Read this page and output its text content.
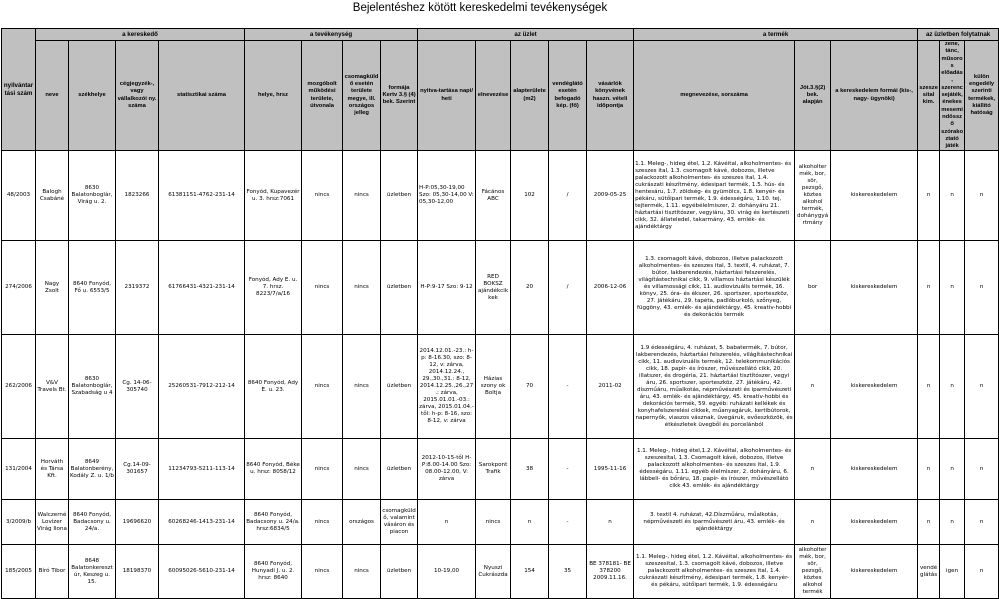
Bejelentéshez kötött kereskedelmi tevékenységek
nyilvántartási szám	a kereskedő				a tevékenység				az üzlet					a termék			az üzletben folytatnak		
	neve	székhelye	cégjegyzék-, vagy vállalkozói ny. száma	statisztikai száma	helye, hrsz	mozgóbolt működési területe, útvonala	csomagküldő esetén területe megye, ill. országos jelleg	formája Kertv 3.§ (4) bek. Szerint	nyitva-tartása napi/ heti	elnevezése	alapterülete (m2)	vendéglátó esetén befogadó kép. (fő)	vásárlók könyvének haszn. vételi időpontja	megnevezése, sorszáma	Jöt.3.§(2) bek. alapján	a kereskedelem formái (kis-, nagy- ügynöki)	szeszesital kim.	zene, tánc, műsoros előadás, szerencsejáték, énekes mesemindössző szórakoztató játék	külön engedély szerinti termékek, kiállító hatóság
48/2003	Balogh Csabáné	8630 Balatonboglár, Virág u. 2.	1823266	61381151-4762-231-14	Fonyód, Kupavezér u. 3. hrsz:7061	nincs	nincs	üzletben	H-P:05,30-19,00 Szo: 05,30-14,00 V: 05,30-12,00	Fácános ABC	102	/	2009-05-25	1.1. Meleg-, hideg étel, 1.2. Kávéital, alkoholmentes- és szeszes ital, 1.3. csomagolt kávé, dobozos, illetve palackozott alkoholmentes- és szeszes ital, 1.4. cukrászati készítmény, édesipari termék, 1.5. hús- és hentesáru, 1.7. zöldség- és gyümölcs, 1.8. kenyér- és pékáru, sütőipari termék, 1.9. édességáru, 1.10. tej, tejtermék, 1.11. egyébélelmiszer, 2. dohányáru 21. háztartási tisztítószer, vegyiáru, 30. virág és kertészeti cikk, 32. állateledel, takarmány, 43. emlék- és ajándéktárgy	alkoholtermék, bor, sör, pezsgő, köztes alkohol termék, dohánygyártmány	kiskereskedelem	n	n	n
274/2006	Nagy Zsolt	8640 Fonyód, Fő u. 6553/5	2319372	61766431-4321-231-14	Fonyód, Ady E. u. 7. hrsz. 8223/7/a/16	nincs	nincs	üzletben	H-P:9-17 Szo: 9-12	RED BOKSZ ajándékcikkek	20	/	2006-12-06	1.3. csomagolt kávé, dobozos, illetve palackozott alkoholmentes- és szeszes ital, 3. textil, 4. ruházat, 7. bútor, lakberendezés, háztartási felszerelés, világítástechnikai cikk, 9. villamos háztartási készülék és villamossági cikk, 11. audiovizuális termék, 16. könyv, 25. óra- és ékszer, 26. sportszer, sporteszköz, 27. játékáru, 29. tapéta, padlóburkoló, szőnyeg, függöny, 43. emlék- és ajándéktárgy, 45. kreatív-hobbi és dekorációs termék	bor	kiskereskedelem	n	n	n
262/2006	V&V Travels Bt.	8630 Balatonboglár, Szabadság u 4	Cg. 14-06-305740	25260531-7912-212-14	8640 Fonyód, Ady E. u. 23.	nincs	nincs	üzletben	2014.12.01.-23.: h-p: 8-16.30, szo: 8-12, v: zárva, 2014.12.24., 29.,30.,31.: 8-12, 2014.12.25.,26.,27.: zárva, 2015.01.01.-03.: zárva, 2015.01.04.-től: h-p: 8-16, szo: 8-12, v: zárva	Házias szony ok Boltja	70	-	2011-02	1.9 édességáru, 4. ruházat, 5. babatermék, 7. bútor, lakberendezés, háztartási felszerelés, világítástechnikai cikk, 11. audiovizuális termék, 12. telekommunikációs cikk, 18. papír- és írószer, művészellátó cikk, 20. illatszer, és drogéria, 21. háztartási tisztítószer, vegyi áru, 26. sportszer, sporteszköz, 27. játékáru, 42. díszműáru, műalkotás, népművészeti és iparművészeti áru, 43. emlék- és ajándéktárgy, 45. kreatív-hobbi és dekorációs termék, 59. egyéb: ruházati kellékek és konyhafelszerelési cikkek, műanyagáruk, kertibútorok, napernyők, viaszos vásznak, üvegáruk, evőeszközök, és étkészletek üvegből és porcelánból	n	kiskereskedelem	n	n	n
131/2004	Horváth és Társa Kft.	8649 Balatonberény, Kodály Z. u. 1/b	Cg.14-09-301657	11234793-5211-113-14	8640 Fonyód, Béke u. hrsz: 8058/12	nincs	nincs	üzletben	2012-10-15-től H-P:8.00-14.00 Szo: 08.00-12.00, V: zárva	Sarokpont Trafik	38	-	1995-11-16	1.1. Meleg-, hideg étel,1.2. Kávéital, alkoholmentes- és szeszesital, 1.3. Csomagolt kávé, dobozos, illetve palackozott alkoholmentes- és szeszes ital, 1.9. édességáru, 1.11. egyéb élelmiszer, 2. dohányáru, 6. lábbeli- és bőráru, 18. papír- és írószer, művészellátó cikk 43. emlék- és ajándéktárgy	n	kiskereskedelem	n	n	n
3/2009/b	Walczerné Lovizer Virág Ilona	8640 Fonyód, Badacsony u. 24/a.	19696620	60268246-1413-231-14	8640 Fonyód, Badacsony u. 24/a. hrsz:6834/5	nincs	országos	csomagküldő, valamint vásáron és piacon	n	nincs	n	-	n	3. textil 4. ruházat, 42.Díszműáru, műalkotás, népművészeti és iparművészeti áru, 43. emlék- és ajándéktárgy	n	kiskereskedelem	n	n	n
185/2005	Bíró Tibor	8648 Balatonkeresztúr, Keszeg u. 15.	18198370	60095026-5610-231-14	8640 Fonyód, Hunyadi J. u. 2. hrsz: 8640	nincs	nincs	üzletben	10-19,00	Nyuszi Cukrászda	154	35	BE 378181- BE 378200 2009.11.16.	1.1. Meleg-, hideg étel, 1.2. Kávéital, alkoholmentes- és szeszesital, 1.3. csomagolt kávé, dobozos, illetve palackozott alkoholmentes- és szeszes ital, 1.4. cukrászati készítmény, édesipari termék, 1.8. kenyér- és pékáru, sütőipari termék, 1.9. édességáru	alkoholtermék, bor, sör, pezsgő, köztes alkohol termék	kiskereskedelem	vendéglátás	igen	n
